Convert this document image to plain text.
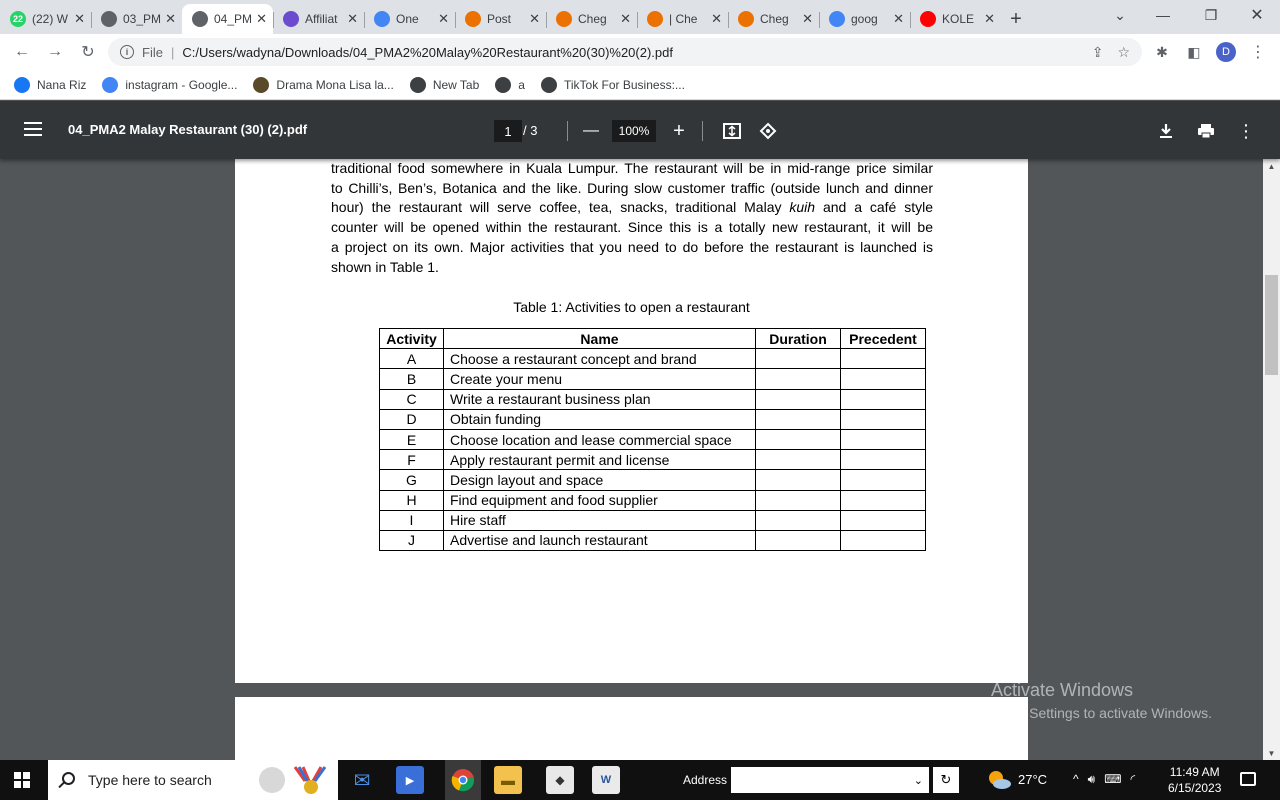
22 (22) W ✕	03_PM ✕	04_PM ✕	Affiliat ✕	One	✕	Post	✕	Cheg	✕	| Che	✕	Cheg	✕	goog	✕	KOLE ✕ +	⌄	—	❐	✕
← →	↻	i	File | C:/Users/wadyna/Downloads/04_PMA2%20Malay%20Restaurant%20(30)%20(2).pdf	⇪ ☆ ✱ ◧	D	⋮
Nana Riz	instagram - Google...	Drama Mona Lisa la...	New Tab	a	TikTok For Business:...
04_PMA2 Malay Restaurant (30) (2).pdf	1 / 3	—	100%	+	⋮
traditional food somewhere in Kuala Lumpur. The restaurant will be in mid-range price similar
to Chilli’s, Ben’s, Botanica and the like. During slow customer traffic (outside lunch and dinner
hour) the restaurant will serve coffee, tea, snacks, traditional Malay kuih and a café style
counter will be opened within the restaurant. Since this is a totally new restaurant, it will be
a project on its own. Major activities that you need to do before the restaurant is launched is
shown in Table 1.
Table 1: Activities to open a restaurant
Activity	Name	Duration	Precedent
A	Choose a restaurant concept and brand		
B	Create your menu		
C	Write a restaurant business plan		
D	Obtain funding		
E	Choose location and lease commercial space		
F	Apply restaurant permit and license		
G	Design layout and space		
H	Find equipment and food supplier		
I	Hire staff		
J	Advertise and launch restaurant		
Activate Windows
Go to Settings to activate Windows.
▲
▼
Type here to search	✉	▶	▬	◆	W	Address	⌄	↻	27°C ^ 🔊︎ ⌨︎ ◜	11:49 AM
6/15/2023
